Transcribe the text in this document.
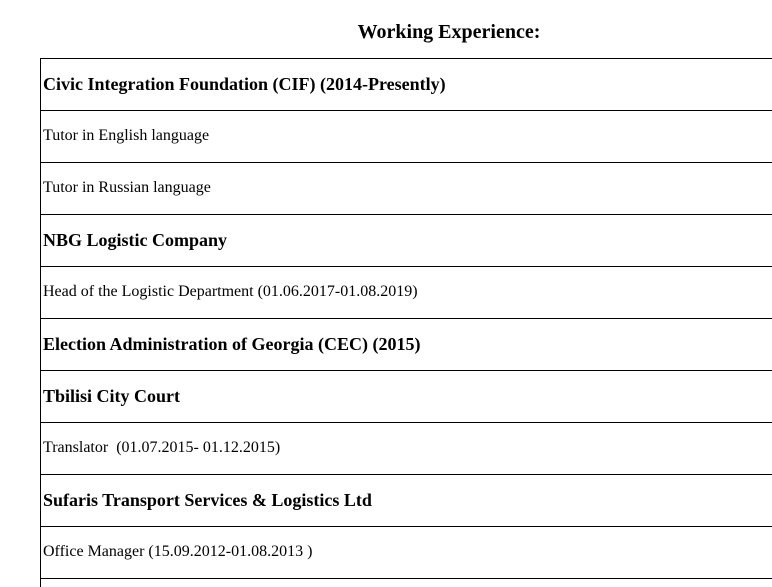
Working Experience:
Civic Integration Foundation (CIF) (2014-Presently)
Tutor in English language
Tutor in Russian language
NBG Logistic Company
Head of the Logistic Department (01.06.2017-01.08.2019)
Election Administration of Georgia (CEC) (2015)
Tbilisi City Court
Translator  (01.07.2015- 01.12.2015)
Sufaris Transport Services & Logistics Ltd
Office Manager (15.09.2012-01.08.2013 )
